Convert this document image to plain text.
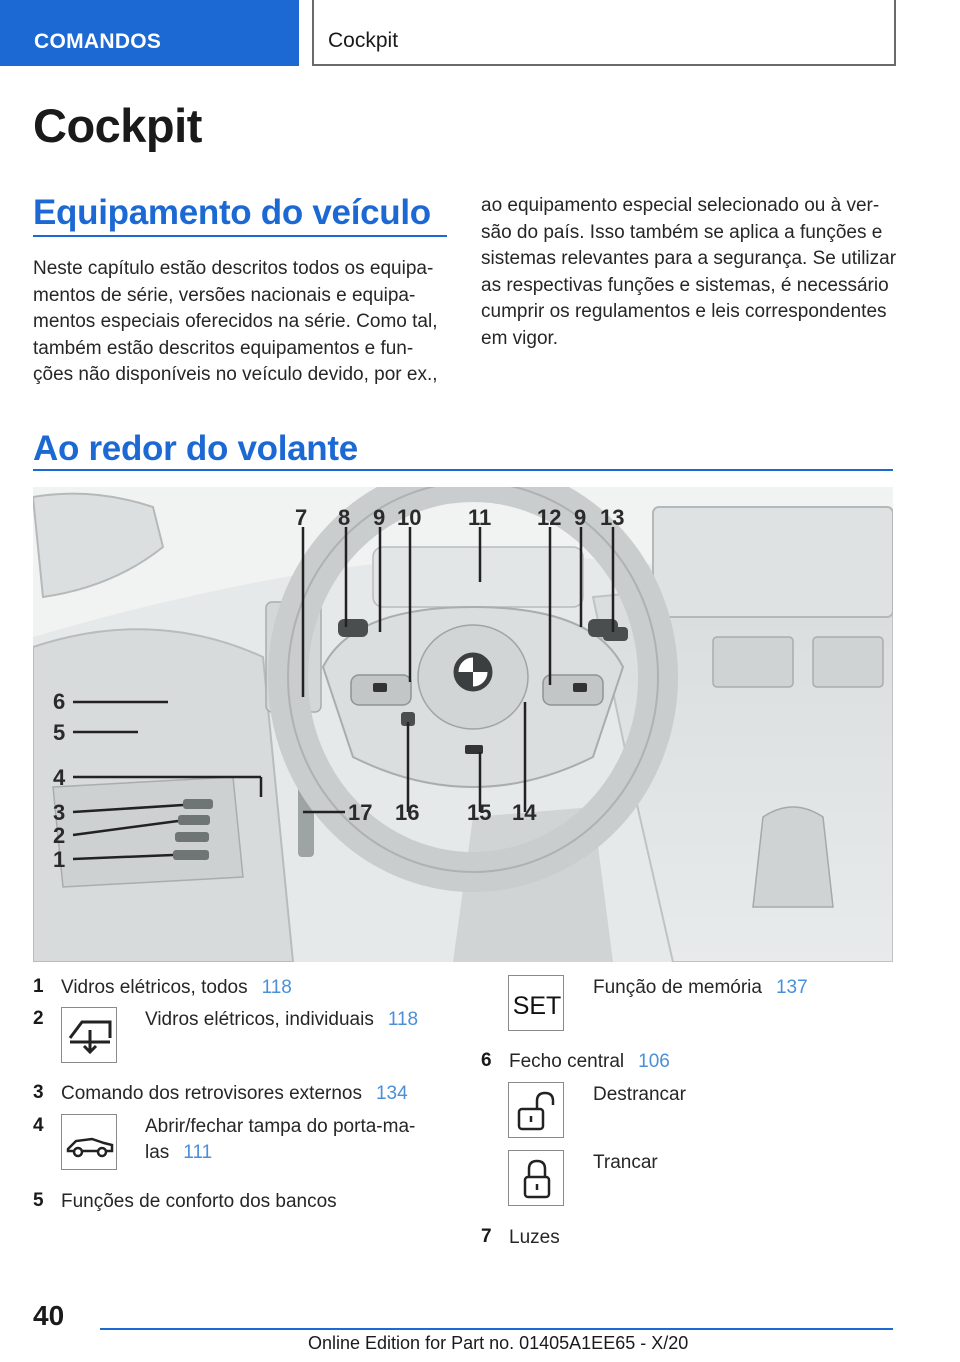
COMANDOS	Cockpit
Cockpit
Equipamento do veículo
Neste capítulo estão descritos todos os equipa-
mentos de série, versões nacionais e equipa-
mentos especiais oferecidos na série. Como tal,
também estão descritos equipamentos e fun-
ções não disponíveis no veículo devido, por ex.,
ao equipamento especial selecionado ou à ver-
são do país. Isso também se aplica a funções e
sistemas relevantes para a segurança. Se utilizar
as respectivas funções e sistemas, é necessário
cumprir os regulamentos e leis correspondentes
em vigor.
Ao redor do volante
7 8 9 10 11 12 9 13
6
5
4
3
2
1
17 16 15 14
1 Vidros elétricos, todos 118
2	Vidros elétricos, individuais 118
3 Comando dos retrovisores externos 134
4	Abrir/fechar tampa do porta-ma-
las 111
5 Funções de conforto dos bancos
SET
Função de memória 137
6 Fecho central 106
Destrancar
Trancar
7 Luzes
40
Online Edition for Part no. 01405A1EE65 - X/20
